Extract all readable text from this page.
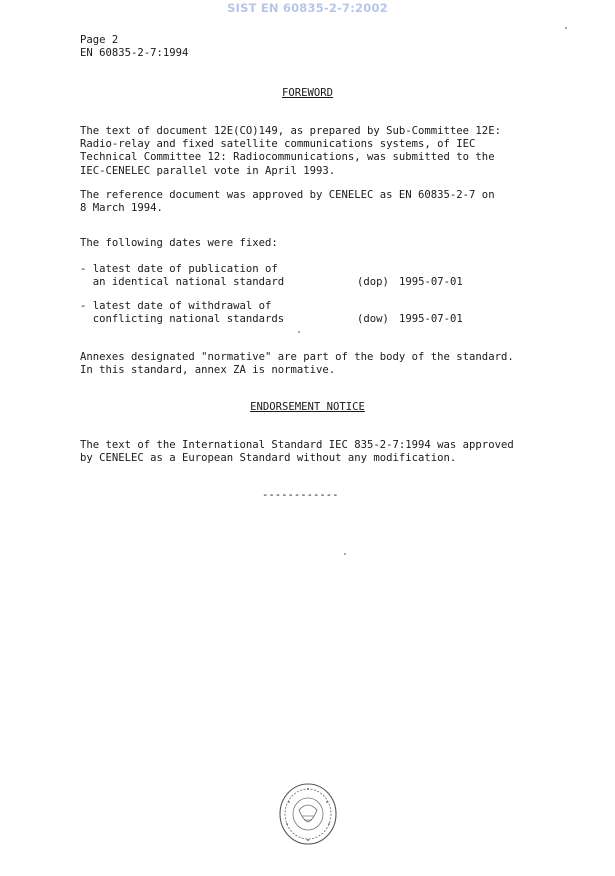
SIST EN 60835-2-7:2002
Page 2
EN 60835-2-7:1994
FOREWORD
The text of document 12E(CO)149, as prepared by Sub-Committee 12E:
Radio-relay and fixed satellite communications systems, of IEC
Technical Committee 12: Radiocommunications, was submitted to the
IEC-CENELEC parallel vote in April 1993.
The reference document was approved by CENELEC as EN 60835-2-7 on
8 March 1994.
The following dates were fixed:
- latest date of publication of
an identical national standard	(dop) 1995-07-01
- latest date of withdrawal of
conflicting national standards	(dow) 1995-07-01
Annexes designated "normative" are part of the body of the standard.
In this standard, annex ZA is normative.
ENDORSEMENT NOTICE
The text of the International Standard IEC 835-2-7:1994 was approved
by CENELEC as a European Standard without any modification.
------------
